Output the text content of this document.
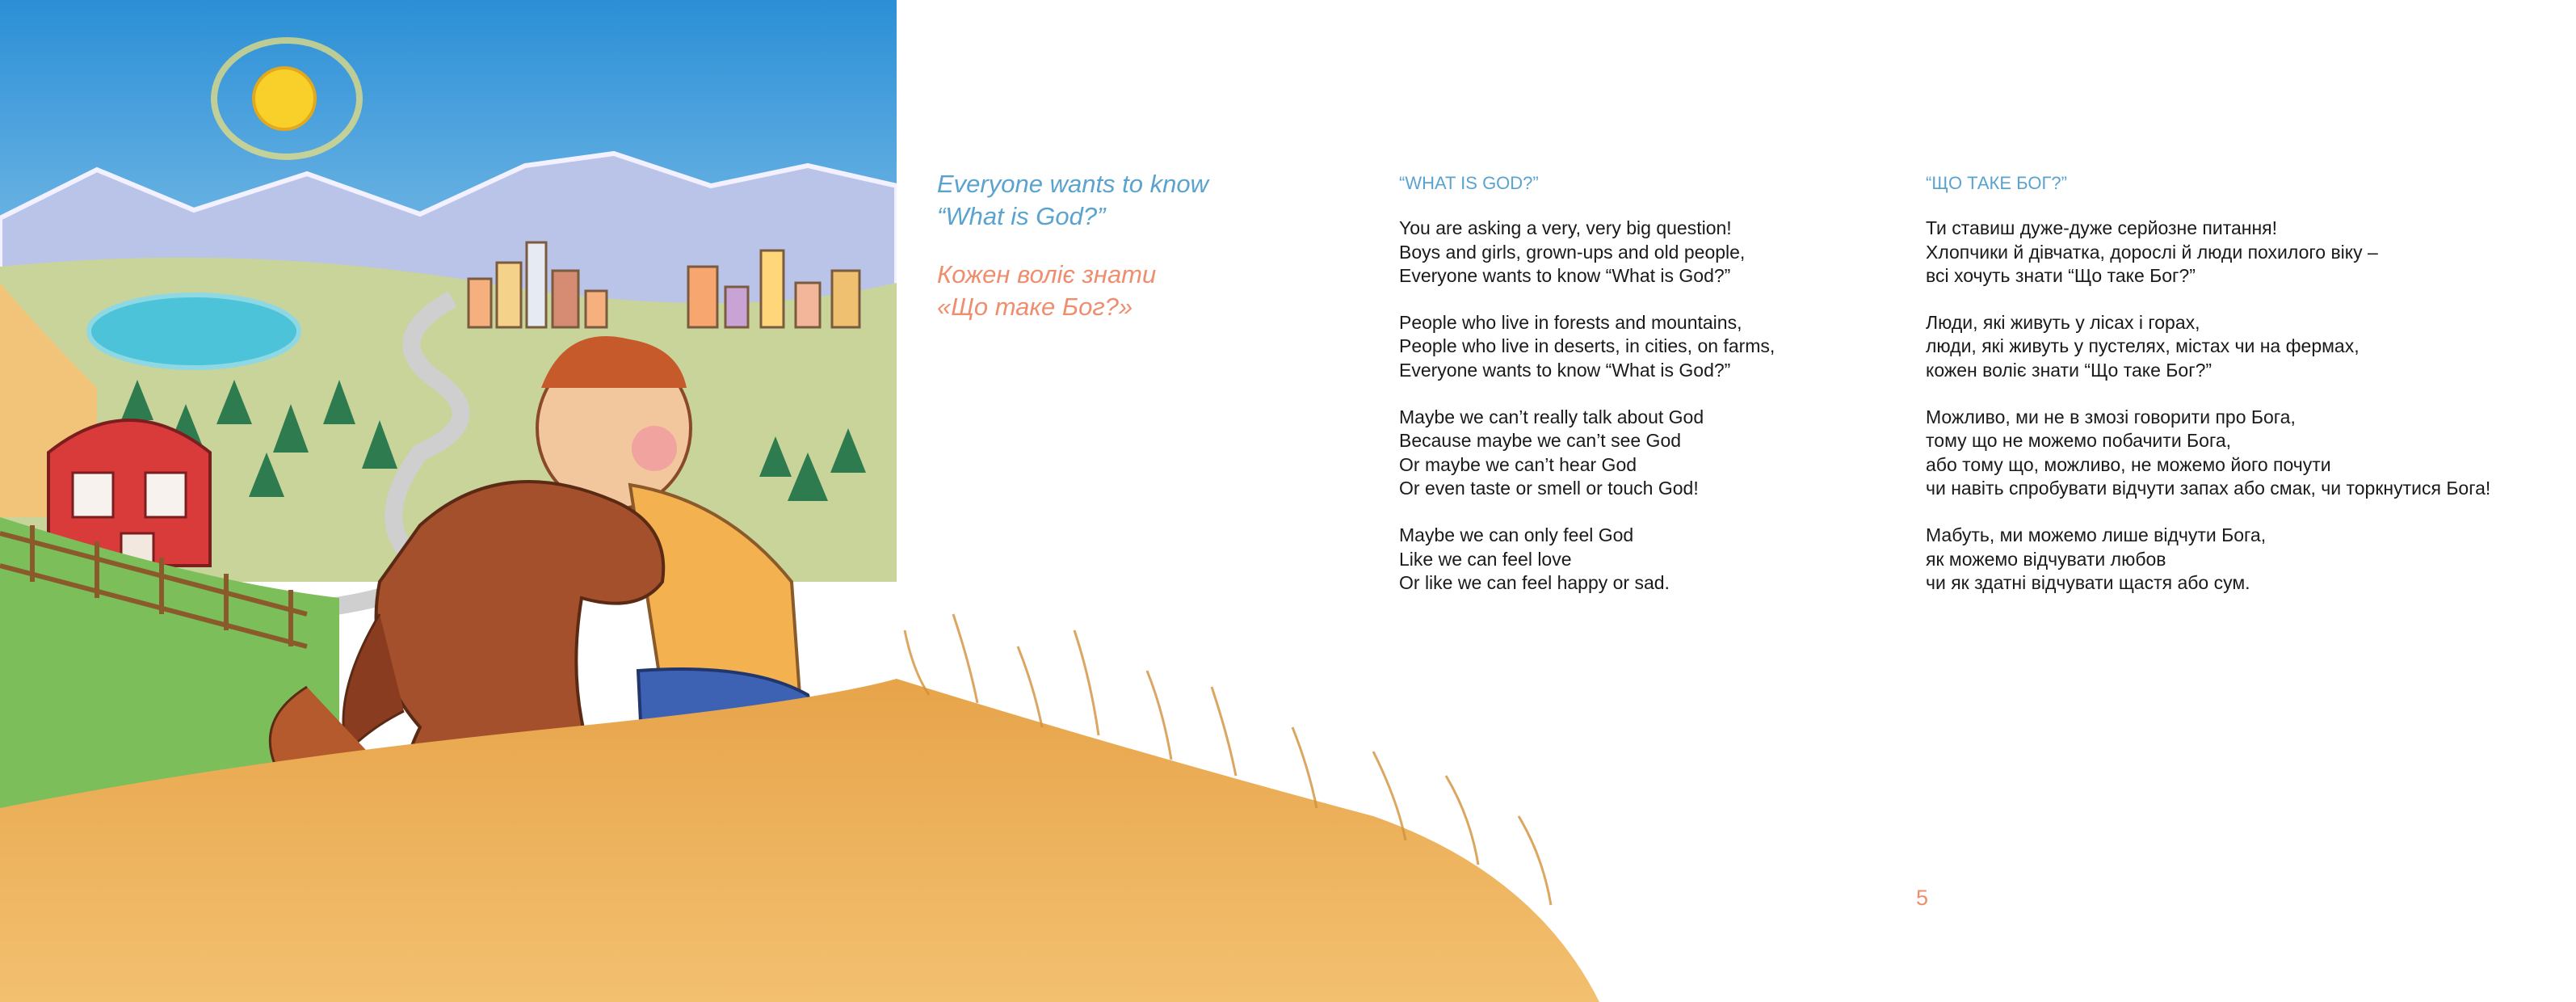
Everyone wants to know
“What is God?”
Кожен воліє знати
«Що таке Бог?»
“WHAT IS GOD?”
You are asking a very, very big question!
Boys and girls, grown-ups and old people,
Everyone wants to know “What is God?”
People who live in forests and mountains,
People who live in deserts, in cities, on farms,
Everyone wants to know “What is God?”
Maybe we can’t really talk about God
Because maybe we can’t see God
Or maybe we can’t hear God
Or even taste or smell or touch God!
Maybe we can only feel God
Like we can feel love
Or like we can feel happy or sad.
“ЩО ТАКЕ БОГ?”
Ти ставиш дуже-дуже серйозне питання!
Хлопчики й дівчатка, дорослі й люди похилого віку –
всі хочуть знати “Що таке Бог?”
Люди, які живуть у лісах і горах,
люди, які живуть у пустелях, містах чи на фермах,
кожен воліє знати “Що таке Бог?”
Можливо, ми не в змозі говорити про Бога,
тому що не можемо побачити Бога,
або тому що, можливо, не можемо його почути
чи навіть спробувати відчути запах або смак, чи торкнутися Бога!
Мабуть, ми можемо лише відчути Бога,
як можемо відчувати любов
чи як здатні відчувати щастя або сум.
5
